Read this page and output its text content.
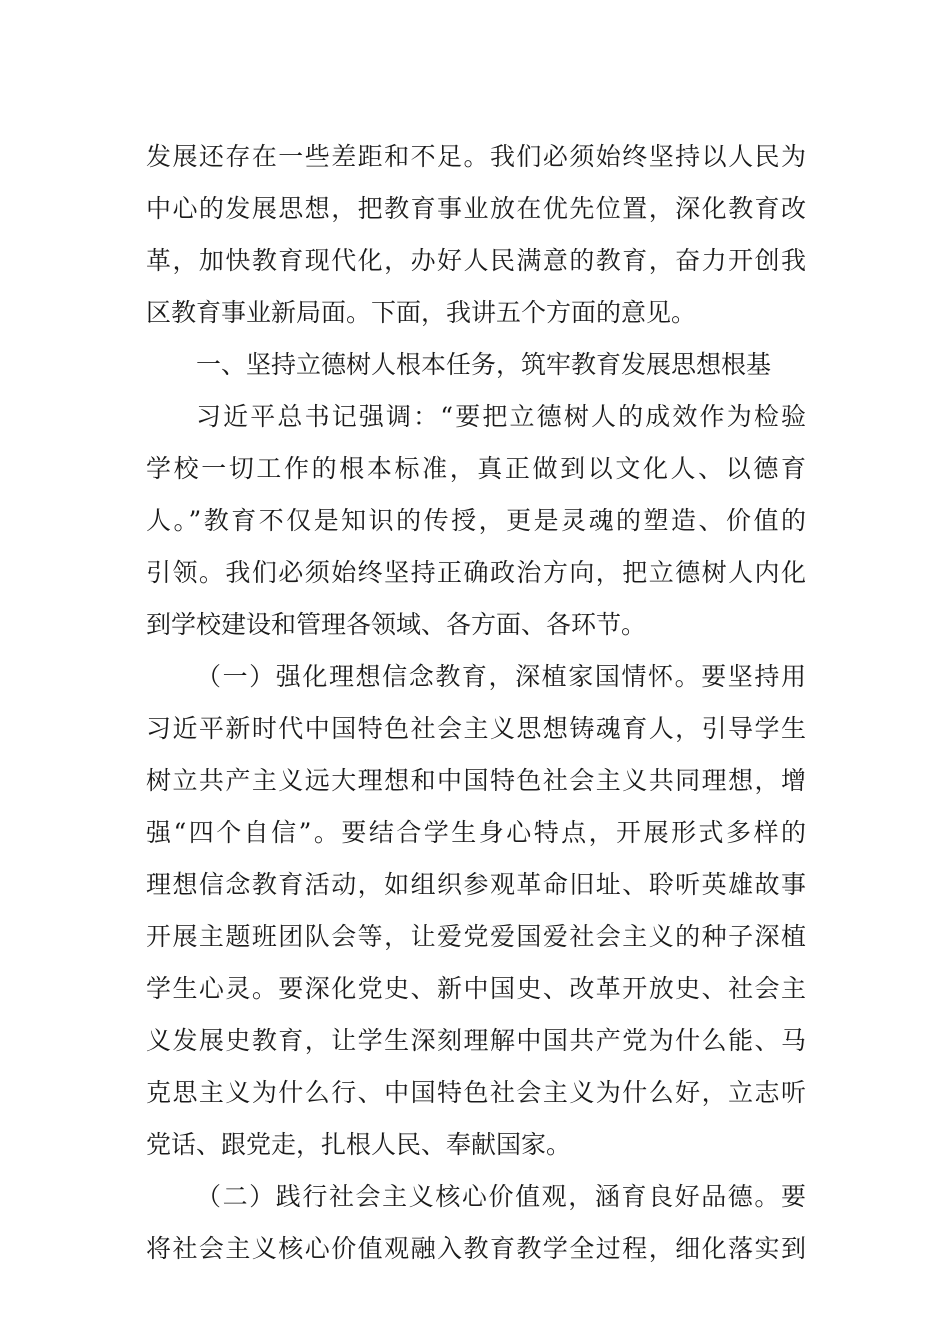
发展还存在一些差距和不足。我们必须始终坚持以人民为
中心的发展思想，把教育事业放在优先位置，深化教育改
革，加快教育现代化，办好人民满意的教育，奋力开创我
区教育事业新局面。下面，我讲五个方面的意见。
一、坚持立德树人根本任务，筑牢教育发展思想根基
习近平总书记强调：“要把立德树人的成效作为检验
学校一切工作的根本标准，真正做到以文化人、以德育
人。”教育不仅是知识的传授，更是灵魂的塑造、价值的
引领。我们必须始终坚持正确政治方向，把立德树人内化
到学校建设和管理各领域、各方面、各环节。
（一）强化理想信念教育，深植家国情怀。要坚持用
习近平新时代中国特色社会主义思想铸魂育人，引导学生
树立共产主义远大理想和中国特色社会主义共同理想，增
强“四个自信”。要结合学生身心特点，开展形式多样的
理想信念教育活动，如组织参观革命旧址、聆听英雄故事
开展主题班团队会等，让爱党爱国爱社会主义的种子深植
学生心灵。要深化党史、新中国史、改革开放史、社会主
义发展史教育，让学生深刻理解中国共产党为什么能、马
克思主义为什么行、中国特色社会主义为什么好，立志听
党话、跟党走，扎根人民、奉献国家。
（二）践行社会主义核心价值观，涵育良好品德。要
将社会主义核心价值观融入教育教学全过程，细化落实到
